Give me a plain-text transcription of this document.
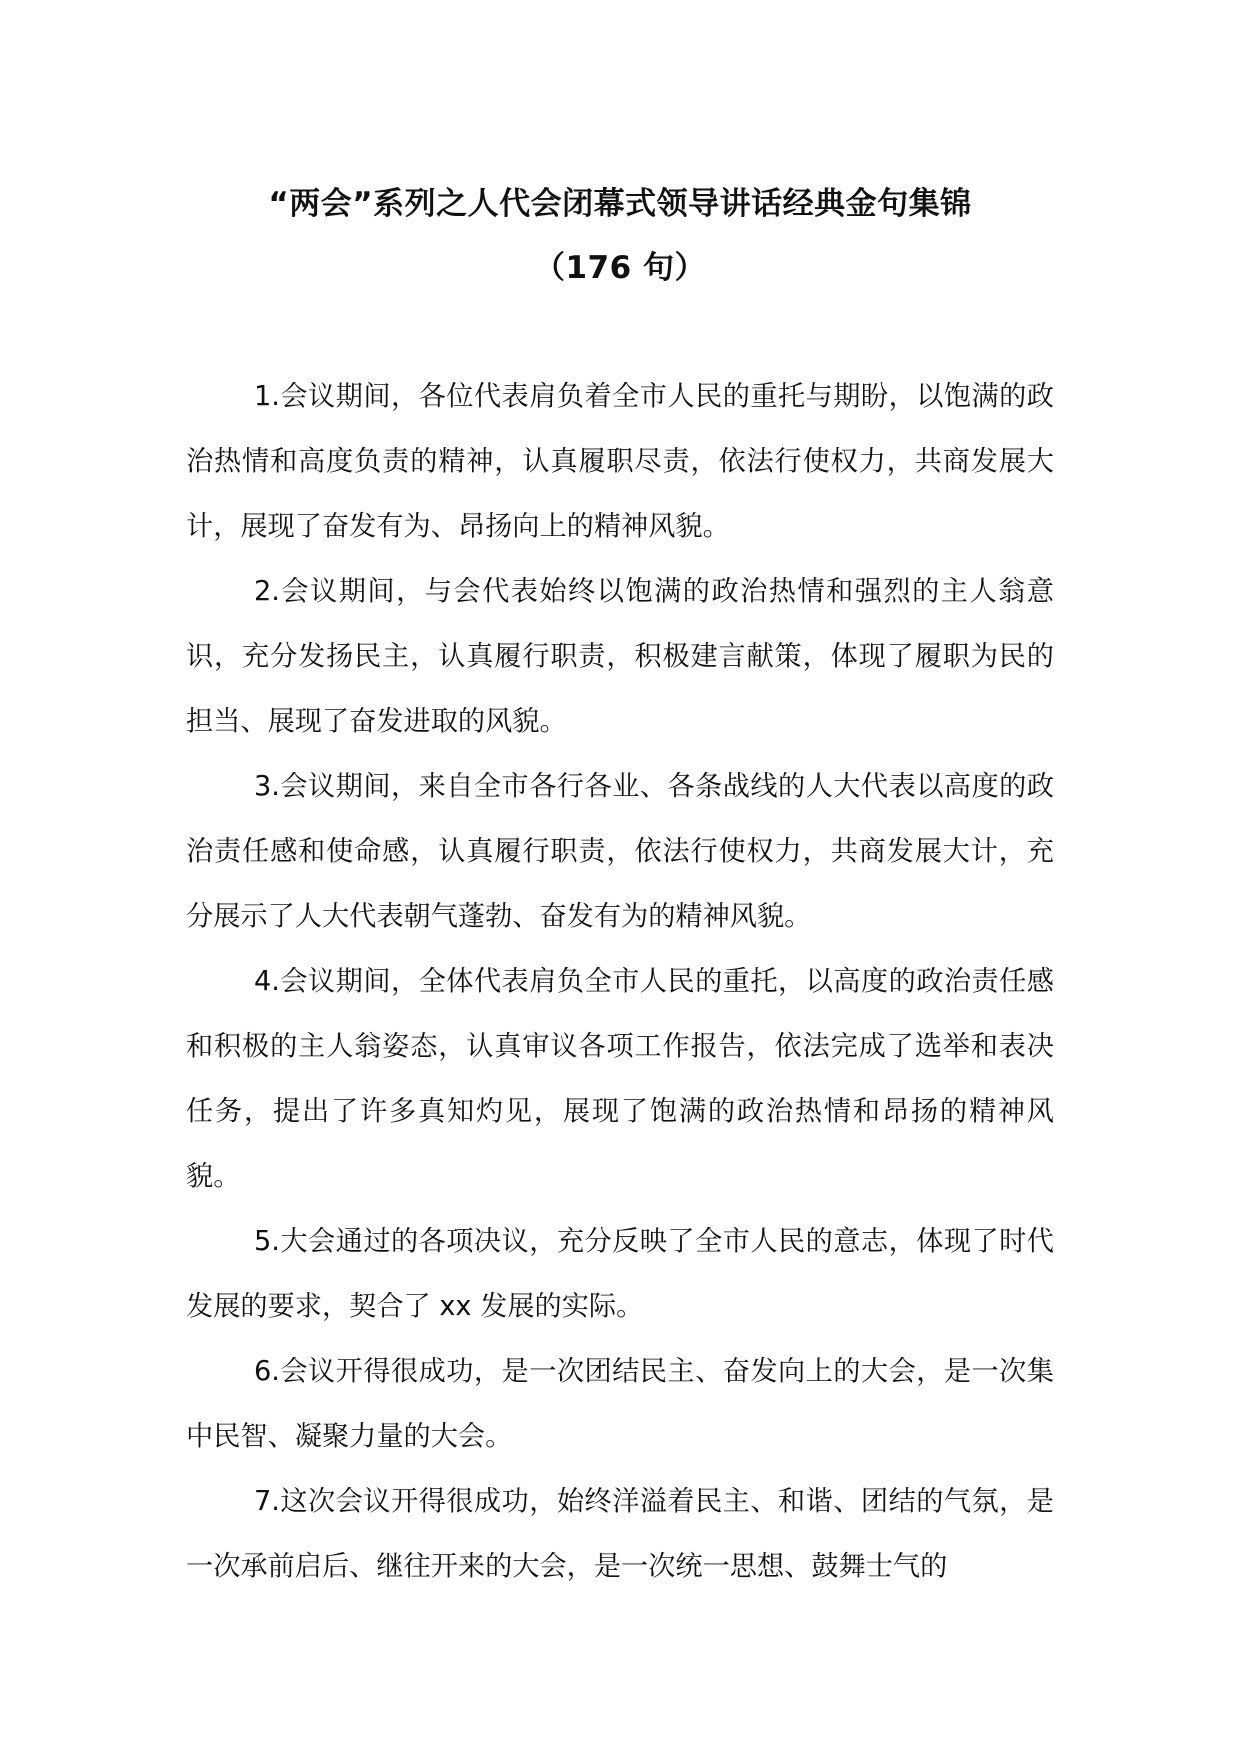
“两会”系列之人代会闭幕式领导讲话经典金句集锦
（176 句）

1.会议期间，各位代表肩负着全市人民的重托与期盼，以饱满的政治热情和高度负责的精神，认真履职尽责，依法行使权力，共商发展大计，展现了奋发有为、昂扬向上的精神风貌。

2.会议期间，与会代表始终以饱满的政治热情和强烈的主人翁意识，充分发扬民主，认真履行职责，积极建言献策，体现了履职为民的担当、展现了奋发进取的风貌。

3.会议期间，来自全市各行各业、各条战线的人大代表以高度的政治责任感和使命感，认真履行职责，依法行使权力，共商发展大计，充分展示了人大代表朝气蓬勃、奋发有为的精神风貌。

4.会议期间，全体代表肩负全市人民的重托，以高度的政治责任感和积极的主人翁姿态，认真审议各项工作报告，依法完成了选举和表决任务，提出了许多真知灼见，展现了饱满的政治热情和昂扬的精神风貌。

5.大会通过的各项决议，充分反映了全市人民的意志，体现了时代发展的要求，契合了 xx 发展的实际。

6.会议开得很成功，是一次团结民主、奋发向上的大会，是一次集中民智、凝聚力量的大会。

7.这次会议开得很成功，始终洋溢着民主、和谐、团结的气氛，是一次承前启后、继往开来的大会，是一次统一思想、鼓舞士气的
